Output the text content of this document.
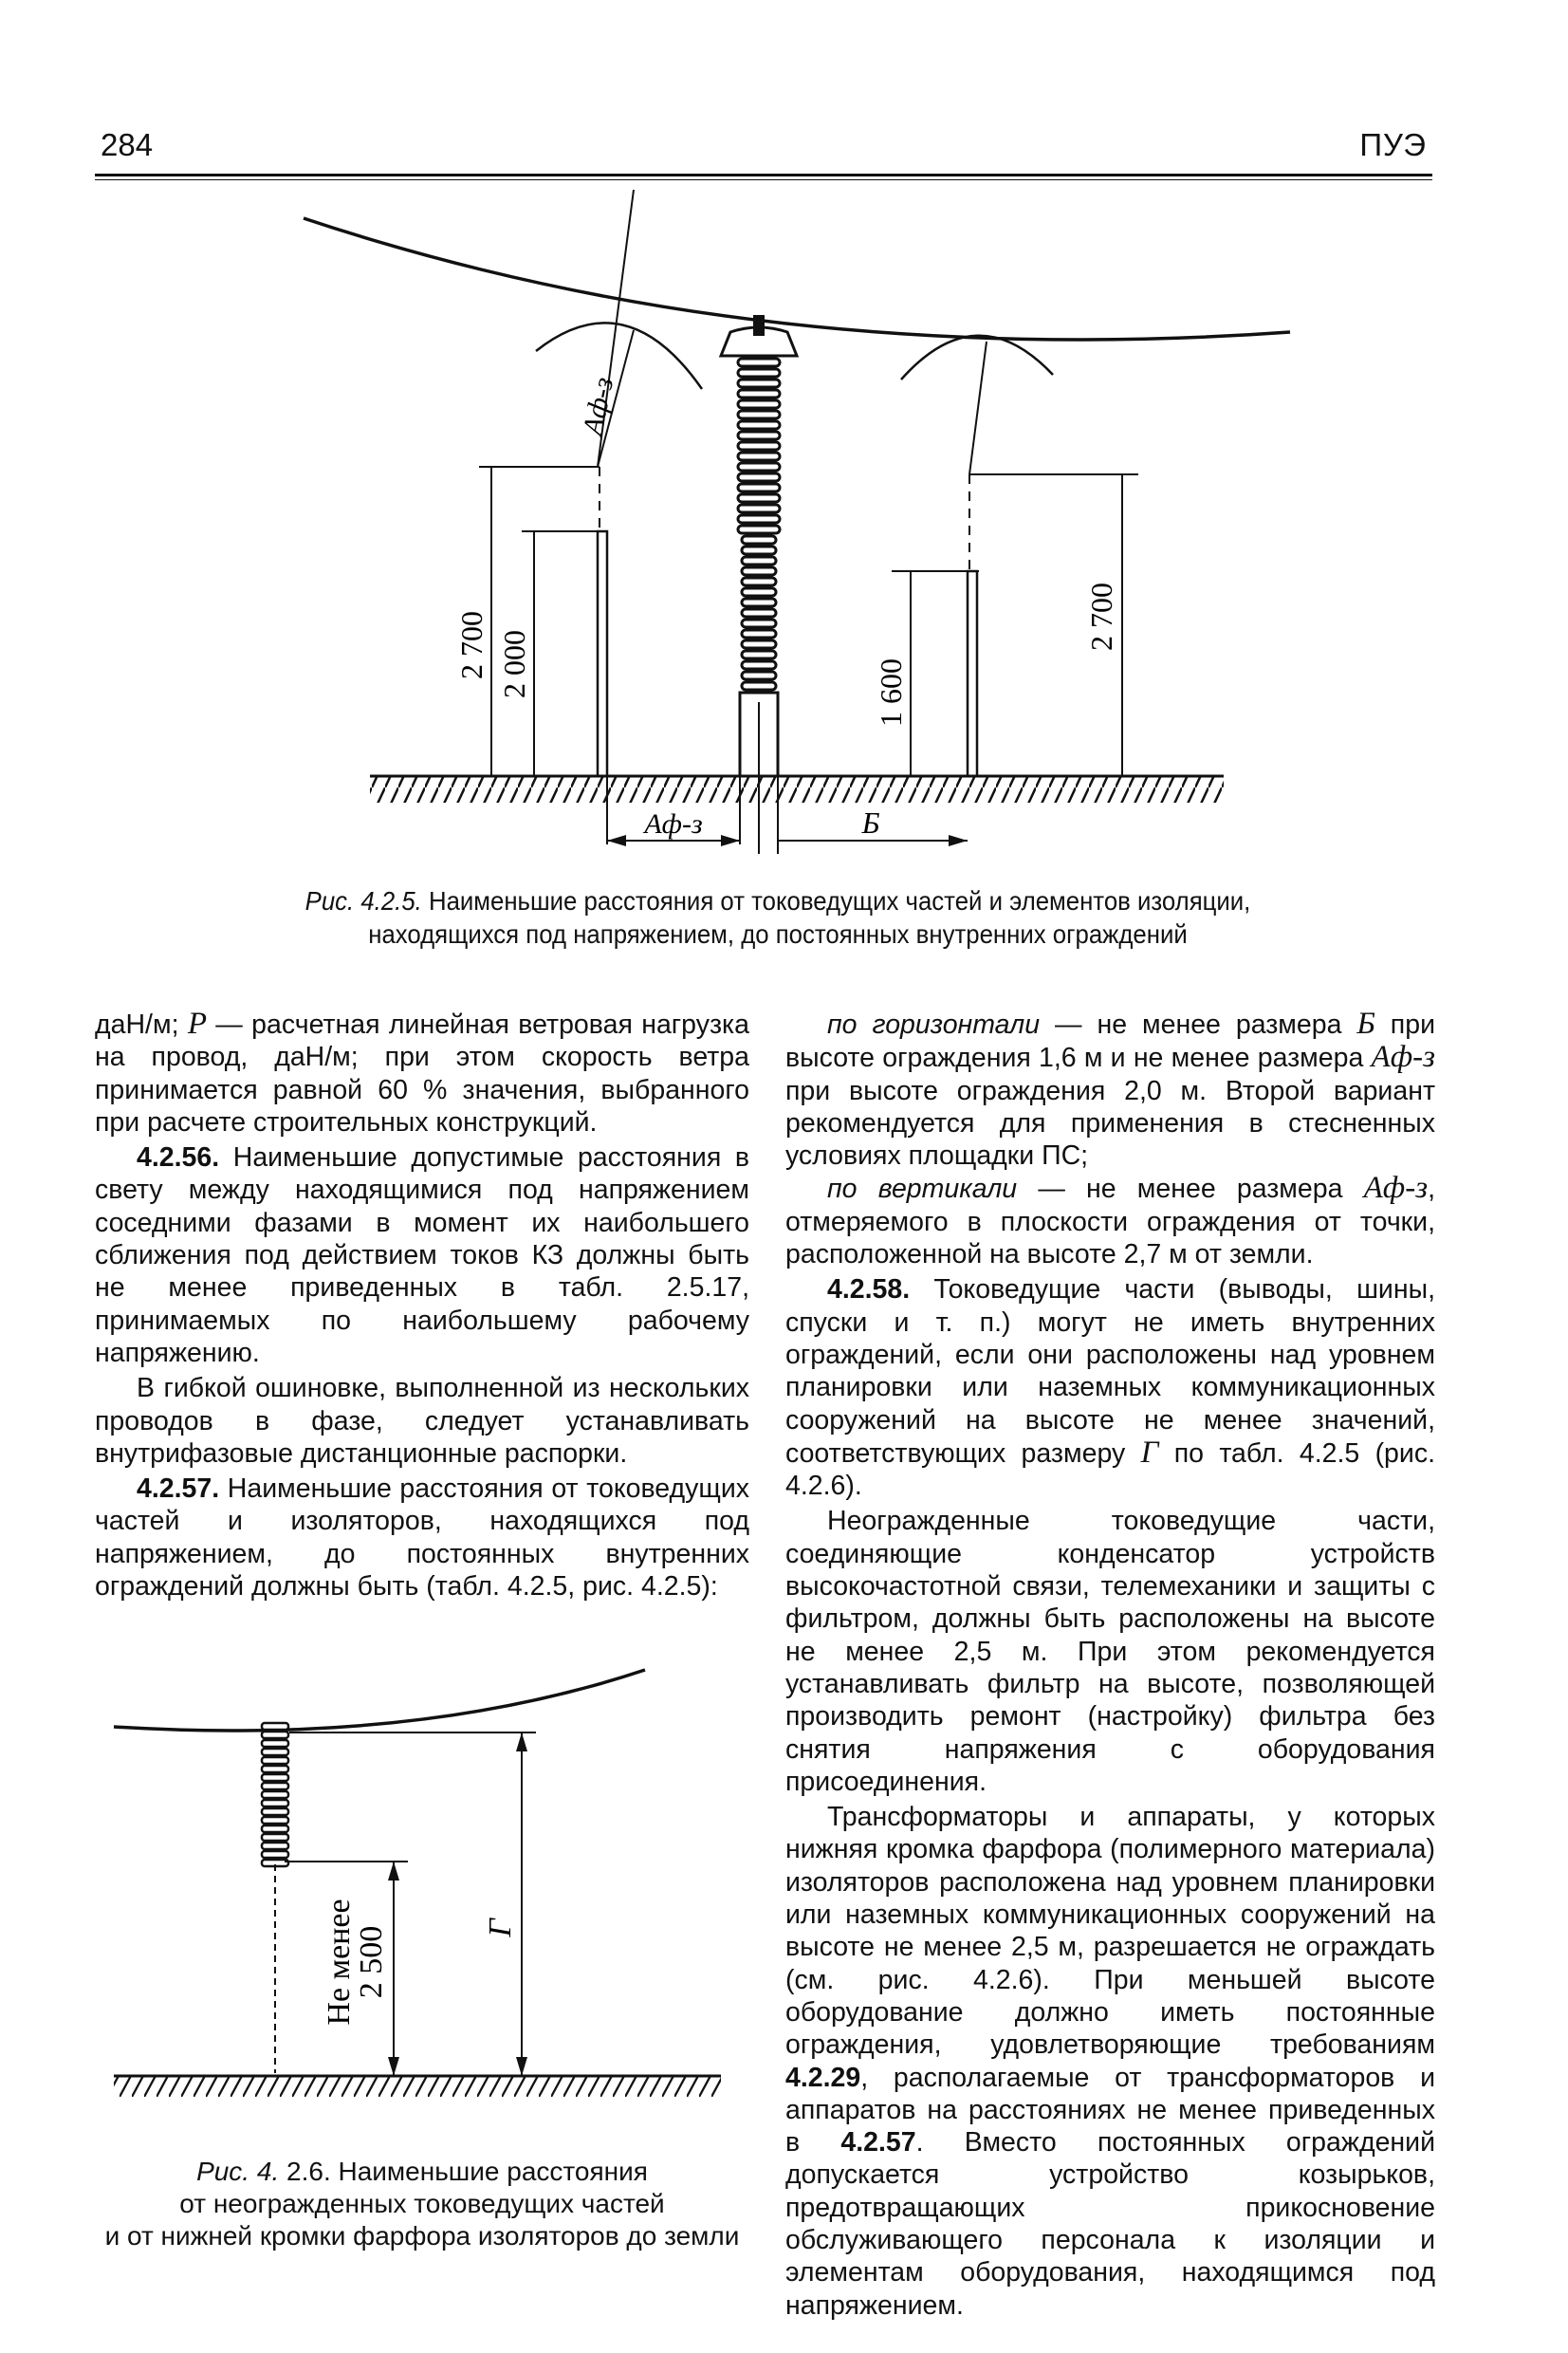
284	ПУЭ
2 700 2 000	1 600
2 700
Aф-з
Aф-з	Б
Рис. 4.2.5. Наименьшие расстояния от токоведущих частей и элементов изоляции,
находящихся под напряжением, до постоянных внутренних ограждений

даН/м; P — расчетная линейная ветровая нагрузка на провод, даН/м; при этом скорость ветра принимается равной 60 % значения, выбранного при расчете строительных конструкций.

4.2.56. Наименьшие допустимые расстояния в свету между находящимися под напряжением соседними фазами в момент их наибольшего сближения под действием токов КЗ должны быть не менее приведенных в табл. 2.5.17, принимаемых по наибольшему рабочему напряжению.

В гибкой ошиновке, выполненной из нескольких проводов в фазе, следует устанавливать внутрифазовые дистанционные распорки.

4.2.57. Наименьшие расстояния от токоведущих частей и изоляторов, находящихся под напряжением, до постоянных внутренних ограждений должны быть (табл. 4.2.5, рис. 4.2.5):

по горизонтали — не менее размера Б при высоте ограждения 1,6 м и не менее размера Aф-з при высоте ограждения 2,0 м. Второй вариант рекомендуется для применения в стесненных условиях площадки ПС;

по вертикали — не менее размера Aф-з, отмеряемого в плоскости ограждения от точки, расположенной на высоте 2,7 м от земли.

4.2.58. Токоведущие части (выводы, шины, спуски и т. п.) могут не иметь внутренних ограждений, если они расположены над уровнем планировки или наземных коммуникационных сооружений на высоте не менее значений, соответствующих размеру Г по табл. 4.2.5 (рис. 4.2.6).

Неогражденные токоведущие части, соединяющие конденсатор устройств высокочастотной связи, телемеханики и защиты с фильтром, должны быть расположены на высоте не менее 2,5 м. При этом рекомендуется устанавливать фильтр на высоте, позволяющей производить ремонт (настройку) фильтра без снятия напряжения с оборудования присоединения.

Трансформаторы и аппараты, у которых нижняя кромка фарфора (полимерного материала) изоляторов расположена над уровнем планировки или наземных коммуникационных сооружений на высоте не менее 2,5 м, разрешается не ограждать (см. рис. 4.2.6). При меньшей высоте оборудование должно иметь постоянные ограждения, удовлетворяющие требованиям 4.2.29, располагаемые от трансформаторов и аппаратов на расстояниях не менее приведенных в 4.2.57. Вместо постоянных ограждений допускается устройство козырьков, предотвращающих прикосновение обслуживающего персонала к изоляции и элементам оборудования, находящимся под напряжением.

Не менее
2 500	Г
Рис. 4. 2.6. Наименьшие расстояния
от неогражденных токоведущих частей
и от нижней кромки фарфора изоляторов до земли
